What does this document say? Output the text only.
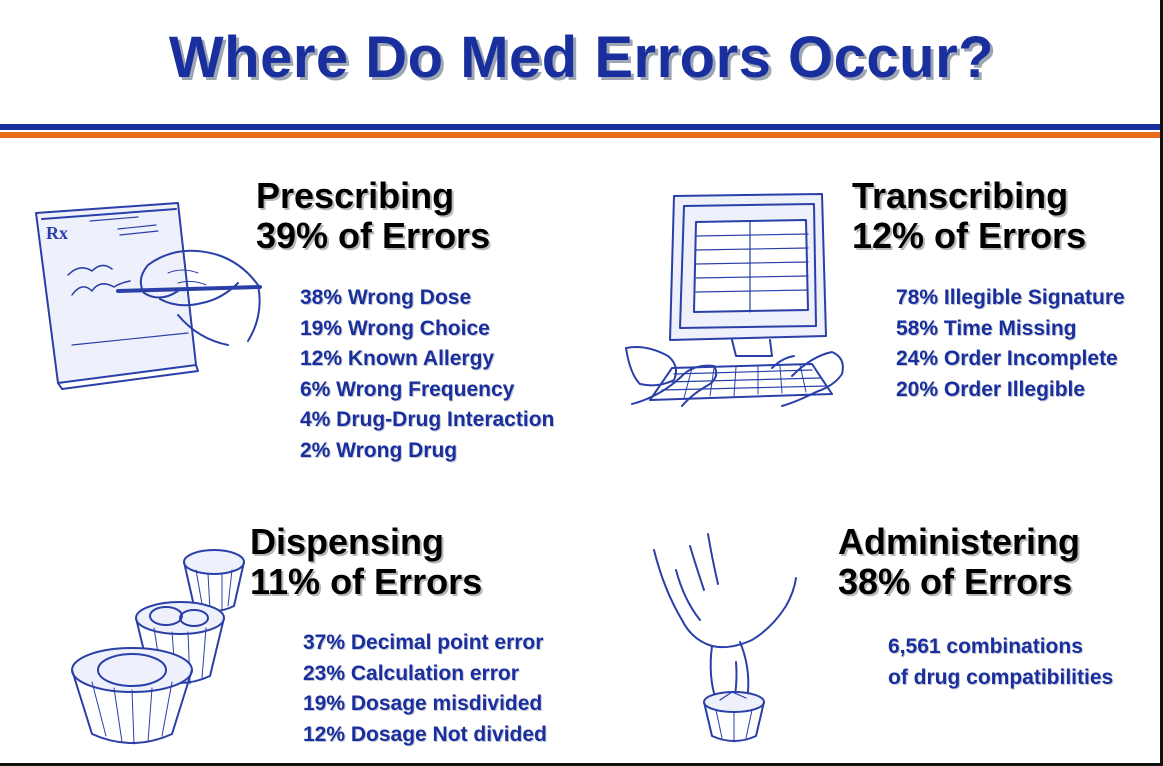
Where Do Med Errors Occur?
Rx
Prescribing
39% of Errors
38% Wrong Dose
19% Wrong Choice
12% Known Allergy
6% Wrong Frequency
4% Drug-Drug Interaction
2% Wrong Drug
Transcribing
12% of Errors
78% Illegible Signature
58% Time Missing
24% Order Incomplete
20% Order Illegible
Dispensing
11% of Errors
37% Decimal point error
23% Calculation error
19% Dosage misdivided
12% Dosage Not divided
Administering
38% of Errors
6,561 combinations
of drug compatibilities
